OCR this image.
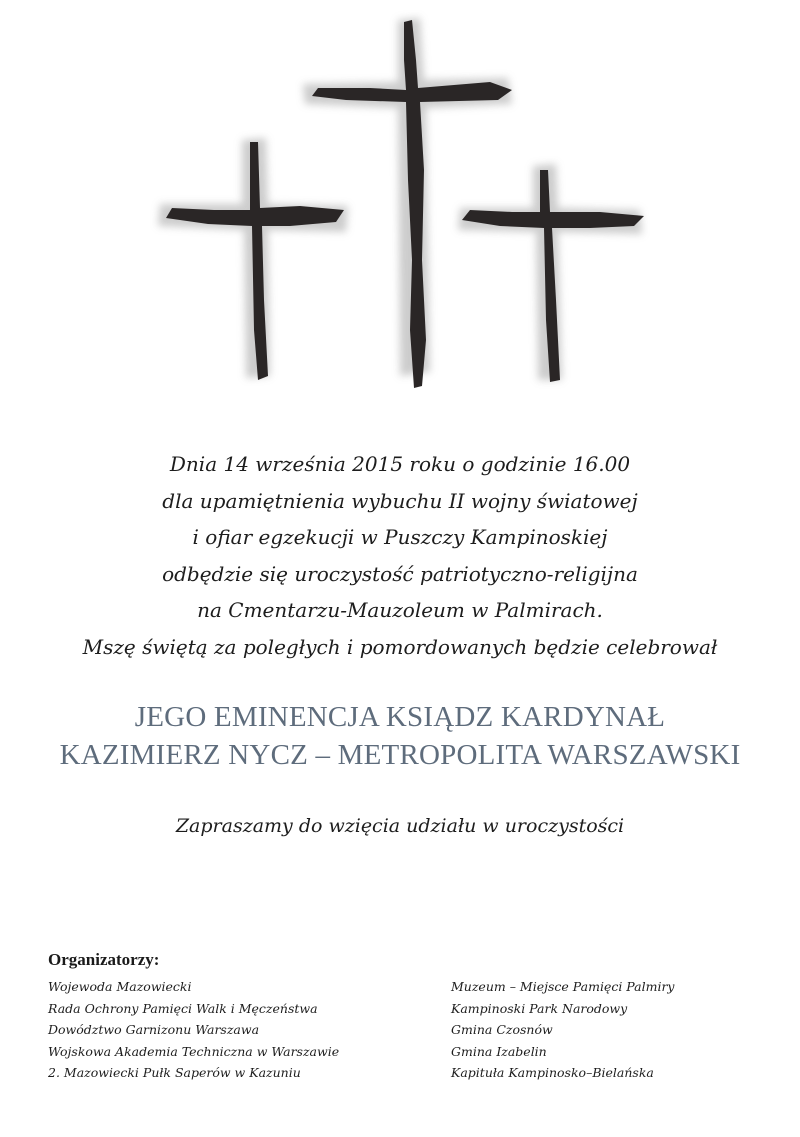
Dnia 14 września 2015 roku o godzinie 16.00
dla upamiętnienia wybuchu II wojny światowej
i ofiar egzekucji w Puszczy Kampinoskiej
odbędzie się uroczystość patriotyczno-religijna
na Cmentarzu-Mauzoleum w Palmirach.
Mszę świętą za poległych i pomordowanych będzie celebrował
JEGO EMINENCJA KSIĄDZ KARDYNAŁ
KAZIMIERZ NYCZ – METROPOLITA WARSZAWSKI
Zapraszamy do wzięcia udziału w uroczystości
Organizatorzy:
Wojewoda Mazowiecki
Rada Ochrony Pamięci Walk i Męczeństwa
Dowództwo Garnizonu Warszawa
Wojskowa Akademia Techniczna w Warszawie
2. Mazowiecki Pułk Saperów w Kazuniu
Muzeum – Miejsce Pamięci Palmiry
Kampinoski Park Narodowy
Gmina Czosnów
Gmina Izabelin
Kapituła Kampinosko–Bielańska
